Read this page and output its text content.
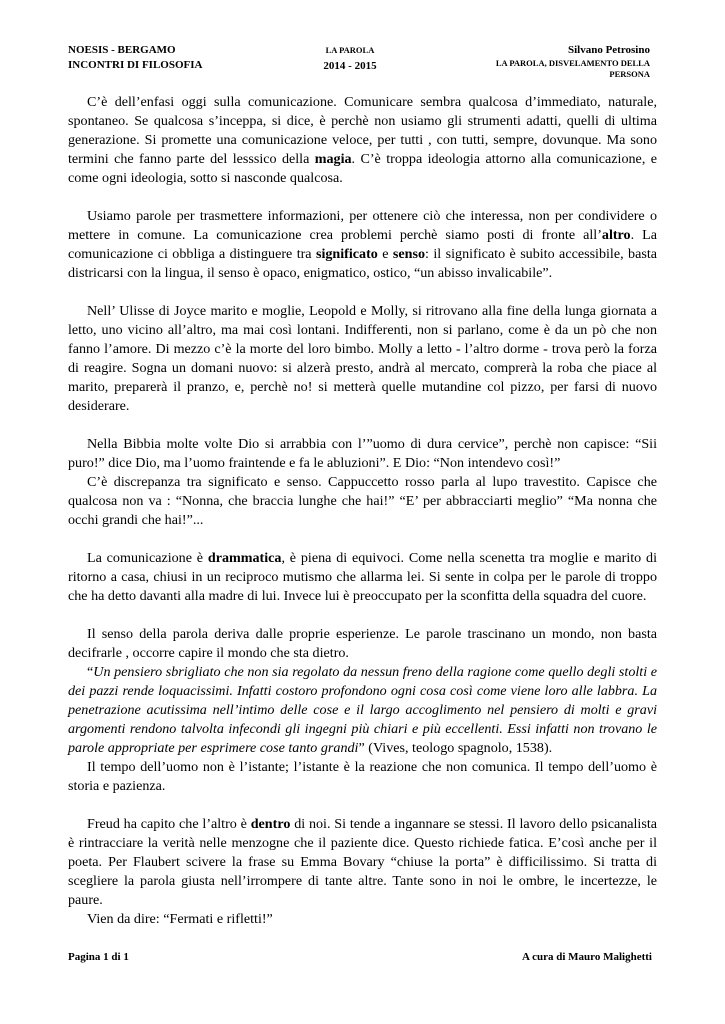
NOESIS - BERGAMO
INCONTRI DI FILOSOFIA
LA PAROLA
2014 - 2015
Silvano Petrosino
LA PAROLA, DISVELAMENTO DELLA
PERSONA

C’è dell’enfasi oggi sulla comunicazione. Comunicare sembra qualcosa d’immediato, naturale, spontaneo. Se qualcosa s’inceppa, si dice, è perchè non usiamo gli strumenti adatti, quelli di ultima generazione. Si promette una comunicazione veloce, per tutti , con tutti, sempre, dovunque. Ma sono termini che fanno parte del lesssico della magia. C’è troppa ideologia attorno alla comunicazione, e come ogni ideologia, sotto si nasconde qualcosa.

Usiamo parole per trasmettere informazioni, per ottenere ciò che interessa, non per condividere o mettere in comune. La comunicazione crea problemi perchè siamo posti di fronte all’altro. La comunicazione ci obbliga a distinguere tra significato e senso: il significato è subito accessibile, basta districarsi con la lingua, il senso è opaco, enigmatico, ostico, “un abisso invalicabile”.

Nell’ Ulisse di Joyce marito e moglie, Leopold e Molly, si ritrovano alla fine della lunga giornata a letto, uno vicino all’altro, ma mai così lontani. Indifferenti, non si parlano, come è da un pò che non fanno l’amore. Di mezzo c’è la morte del loro bimbo. Molly a letto - l’altro dorme - trova però la forza di reagire. Sogna un domani nuovo: si alzerà presto, andrà al mercato, comprerà la roba che piace al marito, preparerà il pranzo, e, perchè no! si metterà quelle mutandine col pizzo, per farsi di nuovo desiderare.

Nella Bibbia molte volte Dio si arrabbia con l’”uomo di dura cervice”, perchè non capisce: “Sii puro!” dice Dio, ma l’uomo fraintende e fa le abluzioni”. E Dio: “Non intendevo così!”

C’è discrepanza tra significato e senso. Cappuccetto rosso parla al lupo travestito. Capisce che qualcosa non va : “Nonna, che braccia lunghe che hai!” “E’ per abbracciarti meglio” “Ma nonna che occhi grandi che hai!”...

La comunicazione è drammatica, è piena di equivoci. Come nella scenetta tra moglie e marito di ritorno a casa, chiusi in un reciproco mutismo che allarma lei. Si sente in colpa per le parole di troppo che ha detto davanti alla madre di lui. Invece lui è preoccupato per la sconfitta della squadra del cuore.

Il senso della parola deriva dalle proprie esperienze. Le parole trascinano un mondo, non basta decifrarle , occorre capire il mondo che sta dietro.

“Un pensiero sbrigliato che non sia regolato da nessun freno della ragione come quello degli stolti e dei pazzi rende loquacissimi. Infatti costoro profondono ogni cosa così come viene loro alle labbra. La penetrazione acutissima nell’intimo delle cose e il largo accoglimento nel pensiero di molti e gravi argomenti rendono talvolta infecondi gli ingegni più chiari e più eccellenti. Essi infatti non trovano le parole appropriate per esprimere cose tanto grandi” (Vives, teologo spagnolo, 1538).

Il tempo dell’uomo non è l’istante; l’istante è la reazione che non comunica. Il tempo dell’uomo è storia e pazienza.

Freud ha capito che l’altro è dentro di noi. Si tende a ingannare se stessi. Il lavoro dello psicanalista è rintracciare la verità nelle menzogne che il paziente dice. Questo richiede fatica. E’così anche per il poeta. Per Flaubert scivere la frase su Emma Bovary “chiuse la porta” è difficilissimo. Si tratta di scegliere la parola giusta nell’irrompere di tante altre. Tante sono in noi le ombre, le incertezze, le paure.

Vien da dire: “Fermati e rifletti!”

Pagina 1 di 1	A cura di Mauro Malighetti
